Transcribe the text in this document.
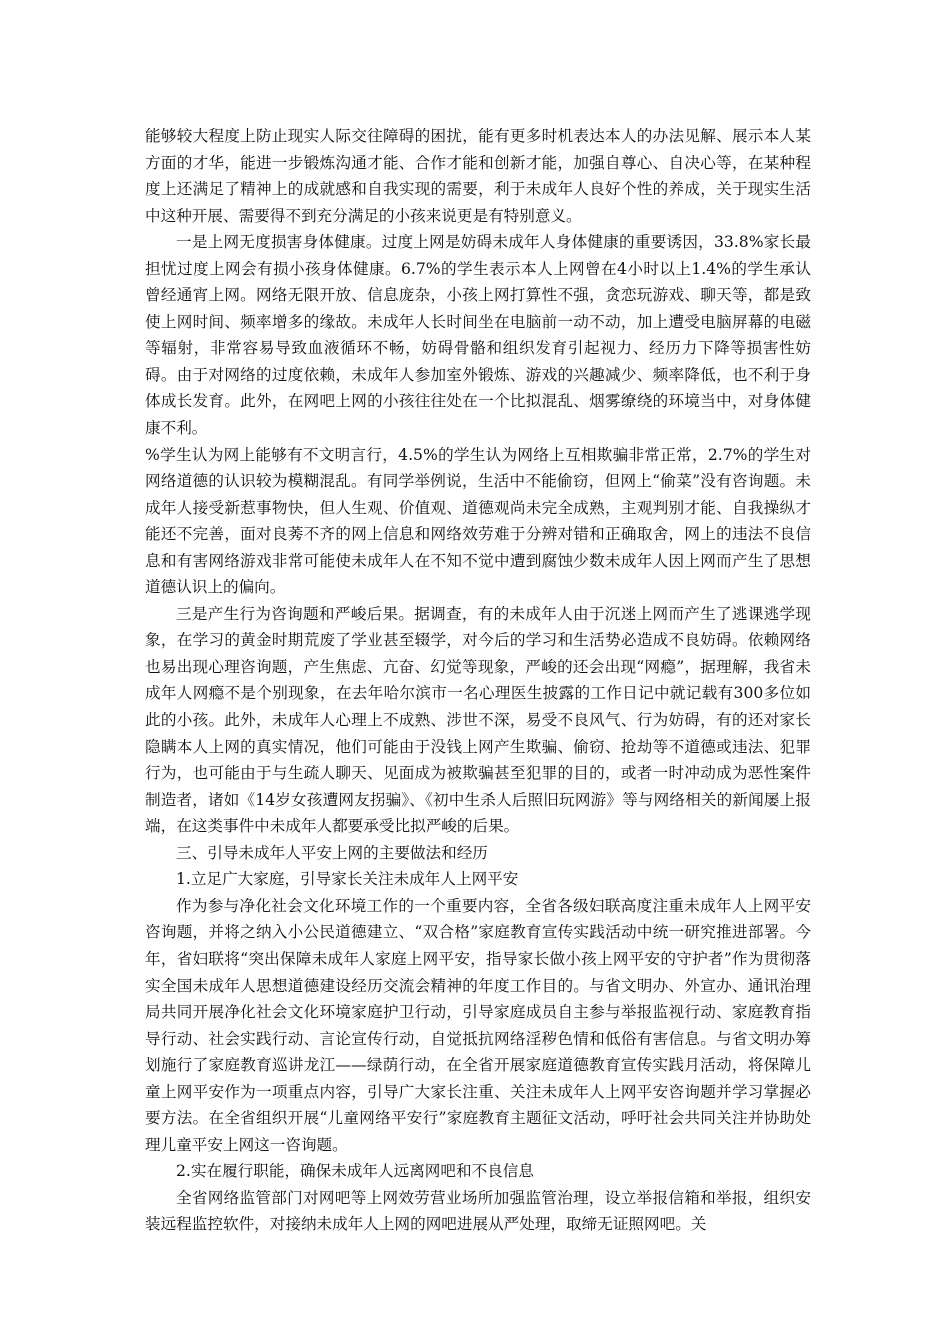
能够较大程度上防止现实人际交往障碍的困扰，能有更多时机表达本人的办法见解、展示本人某方面的才华，能进一步锻炼沟通才能、合作才能和创新才能，加强自尊心、自决心等，在某种程度上还满足了精神上的成就感和自我实现的需要，利于未成年人良好个性的养成，关于现实生活中这种开展、需要得不到充分满足的小孩来说更是有特别意义。

一是上网无度损害身体健康。过度上网是妨碍未成年人身体健康的重要诱因，33.8%家长最担忧过度上网会有损小孩身体健康。6.7%的学生表示本人上网曾在4小时以上1.4%的学生承认曾经通宵上网。网络无限开放、信息庞杂，小孩上网打算性不强，贪恋玩游戏、聊天等，都是致使上网时间、频率增多的缘故。未成年人长时间坐在电脑前一动不动，加上遭受电脑屏幕的电磁等辐射，非常容易导致血液循环不畅，妨碍骨骼和组织发育引起视力、经历力下降等损害性妨碍。由于对网络的过度依赖，未成年人参加室外锻炼、游戏的兴趣减少、频率降低，也不利于身体成长发育。此外，在网吧上网的小孩往往处在一个比拟混乱、烟雾缭绕的环境当中，对身体健康不利。

%学生认为网上能够有不文明言行，4.5%的学生认为网络上互相欺骗非常正常，2.7%的学生对网络道德的认识较为模糊混乱。有同学举例说，生活中不能偷窃，但网上“偷菜”没有咨询题。未成年人接受新惹事物快，但人生观、价值观、道德观尚未完全成熟，主观判别才能、自我操纵才能还不完善，面对良莠不齐的网上信息和网络效劳难于分辨对错和正确取舍，网上的违法不良信息和有害网络游戏非常可能使未成年人在不知不觉中遭到腐蚀少数未成年人因上网而产生了思想道德认识上的偏向。

三是产生行为咨询题和严峻后果。据调查，有的未成年人由于沉迷上网而产生了逃课逃学现象，在学习的黄金时期荒废了学业甚至辍学，对今后的学习和生活势必造成不良妨碍。依赖网络也易出现心理咨询题，产生焦虑、亢奋、幻觉等现象，严峻的还会出现“网瘾”，据理解，我省未成年人网瘾不是个别现象，在去年哈尔滨市一名心理医生披露的工作日记中就记载有300多位如此的小孩。此外，未成年人心理上不成熟、涉世不深，易受不良风气、行为妨碍，有的还对家长隐瞒本人上网的真实情况，他们可能由于没钱上网产生欺骗、偷窃、抢劫等不道德或违法、犯罪行为，也可能由于与生疏人聊天、见面成为被欺骗甚至犯罪的目的，或者一时冲动成为恶性案件制造者，诸如《14岁女孩遭网友拐骗》、《初中生杀人后照旧玩网游》等与网络相关的新闻屡上报端，在这类事件中未成年人都要承受比拟严峻的后果。

三、引导未成年人平安上网的主要做法和经历

1.立足广大家庭，引导家长关注未成年人上网平安

作为参与净化社会文化环境工作的一个重要内容，全省各级妇联高度注重未成年人上网平安咨询题，并将之纳入小公民道德建立、“双合格”家庭教育宣传实践活动中统一研究推进部署。今年，省妇联将“突出保障未成年人家庭上网平安，指导家长做小孩上网平安的守护者”作为贯彻落实全国未成年人思想道德建设经历交流会精神的年度工作目的。与省文明办、外宣办、通讯治理局共同开展净化社会文化环境家庭护卫行动，引导家庭成员自主参与举报监视行动、家庭教育指导行动、社会实践行动、言论宣传行动，自觉抵抗网络淫秽色情和低俗有害信息。与省文明办筹划施行了家庭教育巡讲龙江——绿荫行动，在全省开展家庭道德教育宣传实践月活动，将保障儿童上网平安作为一项重点内容，引导广大家长注重、关注未成年人上网平安咨询题并学习掌握必要方法。在全省组织开展“儿童网络平安行”家庭教育主题征文活动，呼吁社会共同关注并协助处理儿童平安上网这一咨询题。

2.实在履行职能，确保未成年人远离网吧和不良信息

全省网络监管部门对网吧等上网效劳营业场所加强监管治理，设立举报信箱和举报，组织安装远程监控软件，对接纳未成年人上网的网吧进展从严处理，取缔无证照网吧。关
